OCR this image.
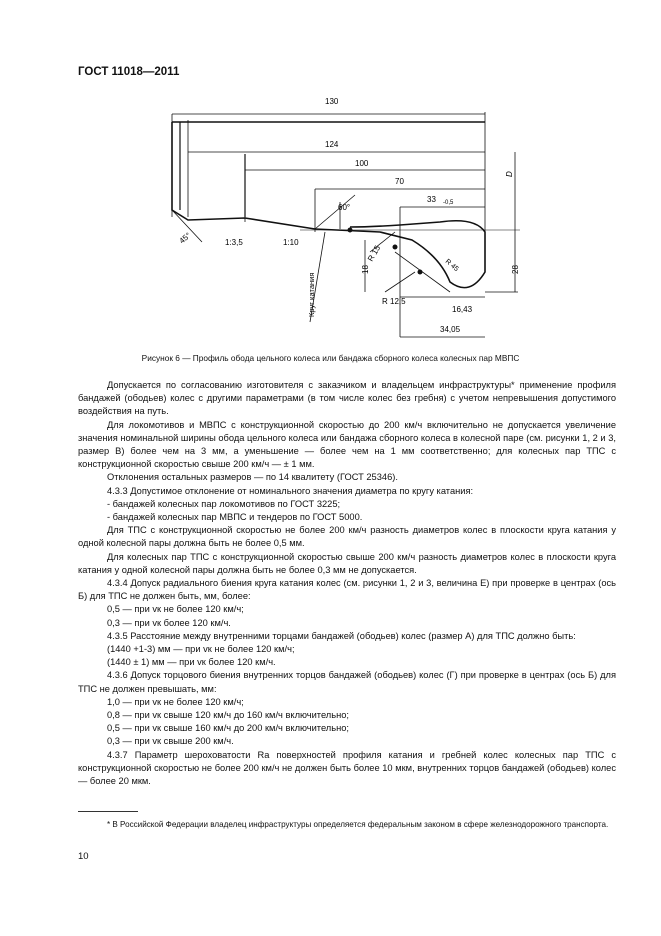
ГОСТ 11018—2011
130
124
100
70
33 -0,5
60°
45°	1:3,5	1:10
R 15
R 45
R 12,5
18	28
16,43
34,05
D
Круг катания
Рисунок 6 — Профиль обода цельного колеса или бандажа сборного колеса колесных пар МВПС

Допускается по согласованию изготовителя с заказчиком и владельцем инфраструктуры* применение профиля бандажей (ободьев) колес с другими параметрами (в том числе колес без гребня) с учетом непревышения допустимого воздействия на путь.

Для локомотивов и МВПС с конструкционной скоростью до 200 км/ч включительно не допускается увеличение значения номинальной ширины обода цельного колеса или бандажа сборного колеса в колесной паре (см. рисунки 1, 2 и 3, размер В) более чем на 3 мм, а уменьшение — более чем на 1 мм соответственно; для колесных пар ТПС с конструкционной скоростью свыше 200 км/ч — ± 1 мм.

Отклонения остальных размеров — по 14 квалитету (ГОСТ 25346).

4.3.3 Допустимое отклонение от номинального значения диаметра по кругу катания:

- бандажей колесных пар локомотивов по ГОСТ 3225;

- бандажей колесных пар МВПС и тендеров по ГОСТ 5000.

Для ТПС с конструкционной скоростью не более 200 км/ч разность диаметров колес в плоскости круга катания у одной колесной пары должна быть не более 0,5 мм.

Для колесных пар ТПС с конструкционной скоростью свыше 200 км/ч разность диаметров колес в плоскости круга катания у одной колесной пары должна быть не более 0,3 мм не допускается.

4.3.4 Допуск радиального биения круга катания колес (см. рисунки 1, 2 и 3, величина Е) при проверке в центрах (ось Б) для ТПС не должен быть, мм, более:

0,5 — при vк не более 120 км/ч;

0,3 — при vк более 120 км/ч.

4.3.5 Расстояние между внутренними торцами бандажей (ободьев) колес (размер А) для ТПС должно быть:

(1440 +1-3) мм — при vк не более 120 км/ч;

(1440 ± 1) мм — при vк более 120 км/ч.

4.3.6 Допуск торцового биения внутренних торцов бандажей (ободьев) колес (Г) при проверке в центрах (ось Б) для ТПС не должен превышать, мм:

1,0 — при vк не более 120 км/ч;

0,8 — при vк свыше 120 км/ч до 160 км/ч включительно;

0,5 — при vк свыше 160 км/ч до 200 км/ч включительно;

0,3 — при vк свыше 200 км/ч.

4.3.7 Параметр шероховатости Ra поверхностей профиля катания и гребней колес колесных пар ТПС с конструкционной скоростью не более 200 км/ч не должен быть более 10 мкм, внутренних торцов бандажей (ободьев) колес — более 20 мкм.

* В Российской Федерации владелец инфраструктуры определяется федеральным законом в сфере железнодорожного транспорта.

10
